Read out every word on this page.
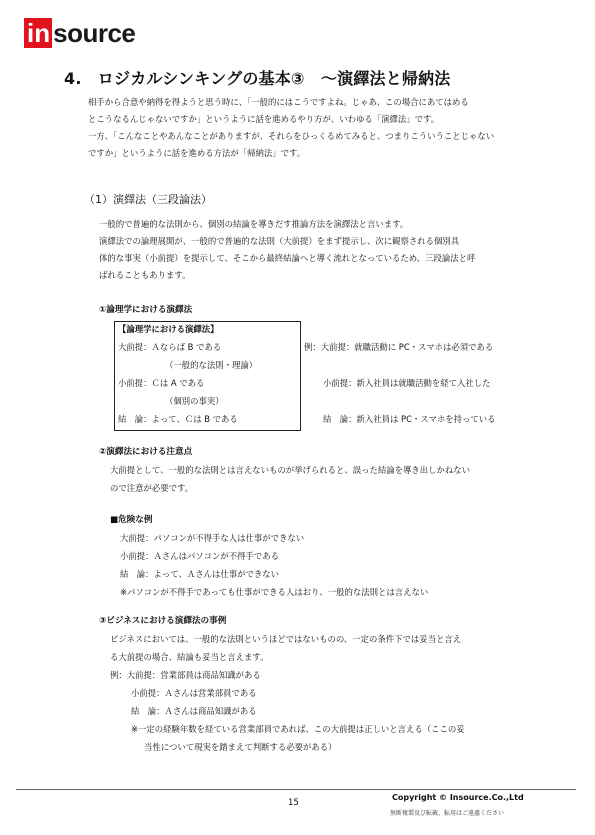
in source
4.　ロジカルシンキングの基本③　～演繹法と帰納法
相手から合意や納得を得ようと思う時に、「一般的にはこうですよね。じゃあ、この場合にあてはめる
とこうなるんじゃないですか」というように話を進めるやり方が、いわゆる「演繹法」です。
一方、「こんなことやあんなことがありますが、それらをひっくるめてみると、つまりこういうことじゃない
ですか」というように話を進める方法が「帰納法」です。
（1）演繹法（三段論法）
一般的で普遍的な法則から、個別の結論を導きだす推論方法を演繹法と言います。
演繹法での論理展開が、一般的で普遍的な法則（大前提）をまず提示し、次に観察される個別具
体的な事実（小前提）を提示して、そこから最終結論へと導く流れとなっているため、三段論法と呼
ばれることもあります。
①論理学における演繹法
【論理学における演繹法】
大前提：Ａならば B である
（一般的な法則・理論）
小前提：Ｃは A である
（個別の事実）
結　論：よって、Ｃは B である
例：大前提：就職活動に PC・スマホは必須である
小前提：新入社員は就職活動を経て入社した
結　論：新入社員は PC・スマホを持っている
②演繹法における注意点
大前提として、一般的な法則とは言えないものが挙げられると、誤った結論を導き出しかねない
ので注意が必要です。
■危険な例
大前提：パソコンが不得手な人は仕事ができない
小前提：Ａさんはパソコンが不得手である
結　論：よって、Ａさんは仕事ができない
※パソコンが不得手であっても仕事ができる人はおり、一般的な法則とは言えない
③ビジネスにおける演繹法の事例
ビジネスにおいては、一般的な法則というほどではないものの、一定の条件下では妥当と言え
る大前提の場合、結論も妥当と言えます。
例：大前提：営業部員は商品知識がある
小前提：Ａさんは営業部員である
結　論：Ａさんは商品知識がある
※一定の経験年数を経ている営業部員であれば、この大前提は正しいと言える（ここの妥
当性について現実を踏まえて判断する必要がある）
15
Copyright © Insource.Co.,Ltd
無断複製及び転載、転用はご遠慮ください
